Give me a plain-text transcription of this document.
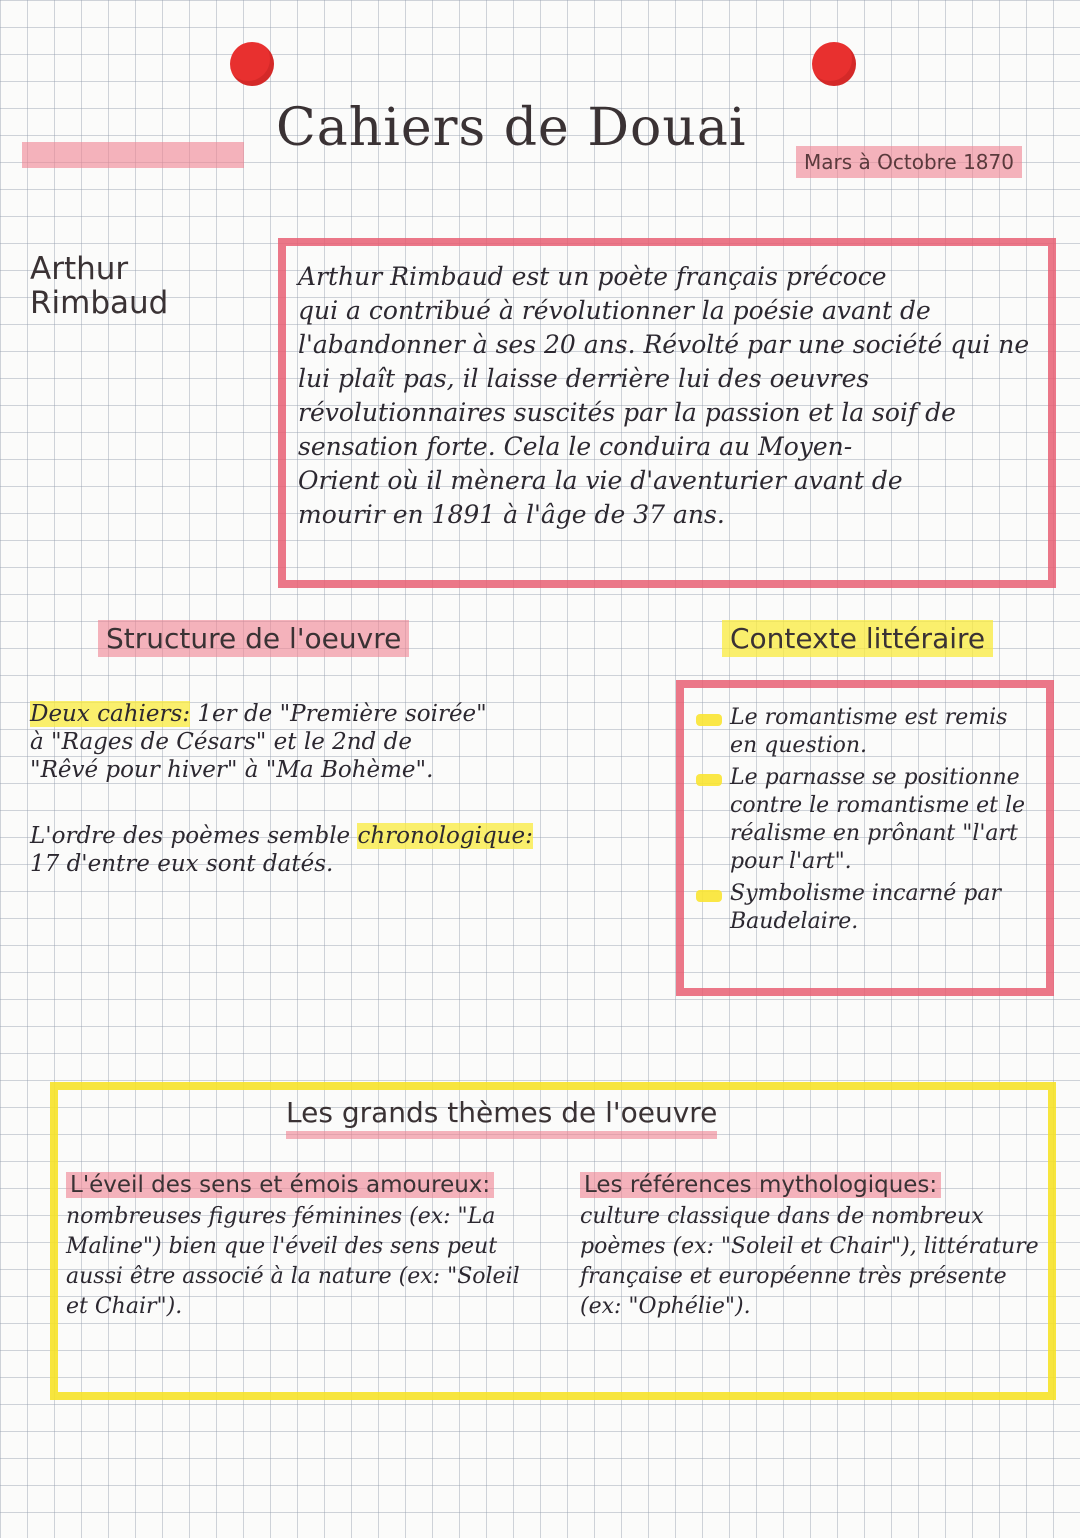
Cahiers de Douai
Mars à Octobre 1870
Arthur
Rimbaud

Arthur Rimbaud est un poète français précoce

qui a contribué à révolutionner la poésie avant de

l'abandonner à ses 20 ans. Révolté par une société qui ne

lui plaît pas, il laisse derrière lui des oeuvres

révolutionnaires suscités par la passion et la soif de

sensation forte. Cela le conduira au Moyen-

Orient où il mènera la vie d'aventurier avant de

mourir en 1891 à l'âge de 37 ans.

Structure de l'oeuvre
Deux cahiers: 1er de "Première soirée"
à "Rages de Césars" et le 2nd de
"Rêvé pour hiver" à "Ma Bohème".
L'ordre des poèmes semble chronologique:
17 d'entre eux sont datés.
Contexte littéraire
Le romantisme est remis en question.
Le parnasse se positionne contre le romantisme et le réalisme en prônant "l'art pour l'art".
Symbolisme incarné par Baudelaire.
Les grands thèmes de l'oeuvre
L'éveil des sens et émois amoureux:
nombreuses figures féminines (ex: "La Maline") bien que l'éveil des sens peut aussi être associé à la nature (ex: "Soleil et Chair").
Les références mythologiques:
culture classique dans de nombreux poèmes (ex: "Soleil et Chair"), littérature française et européenne très présente (ex: "Ophélie").
